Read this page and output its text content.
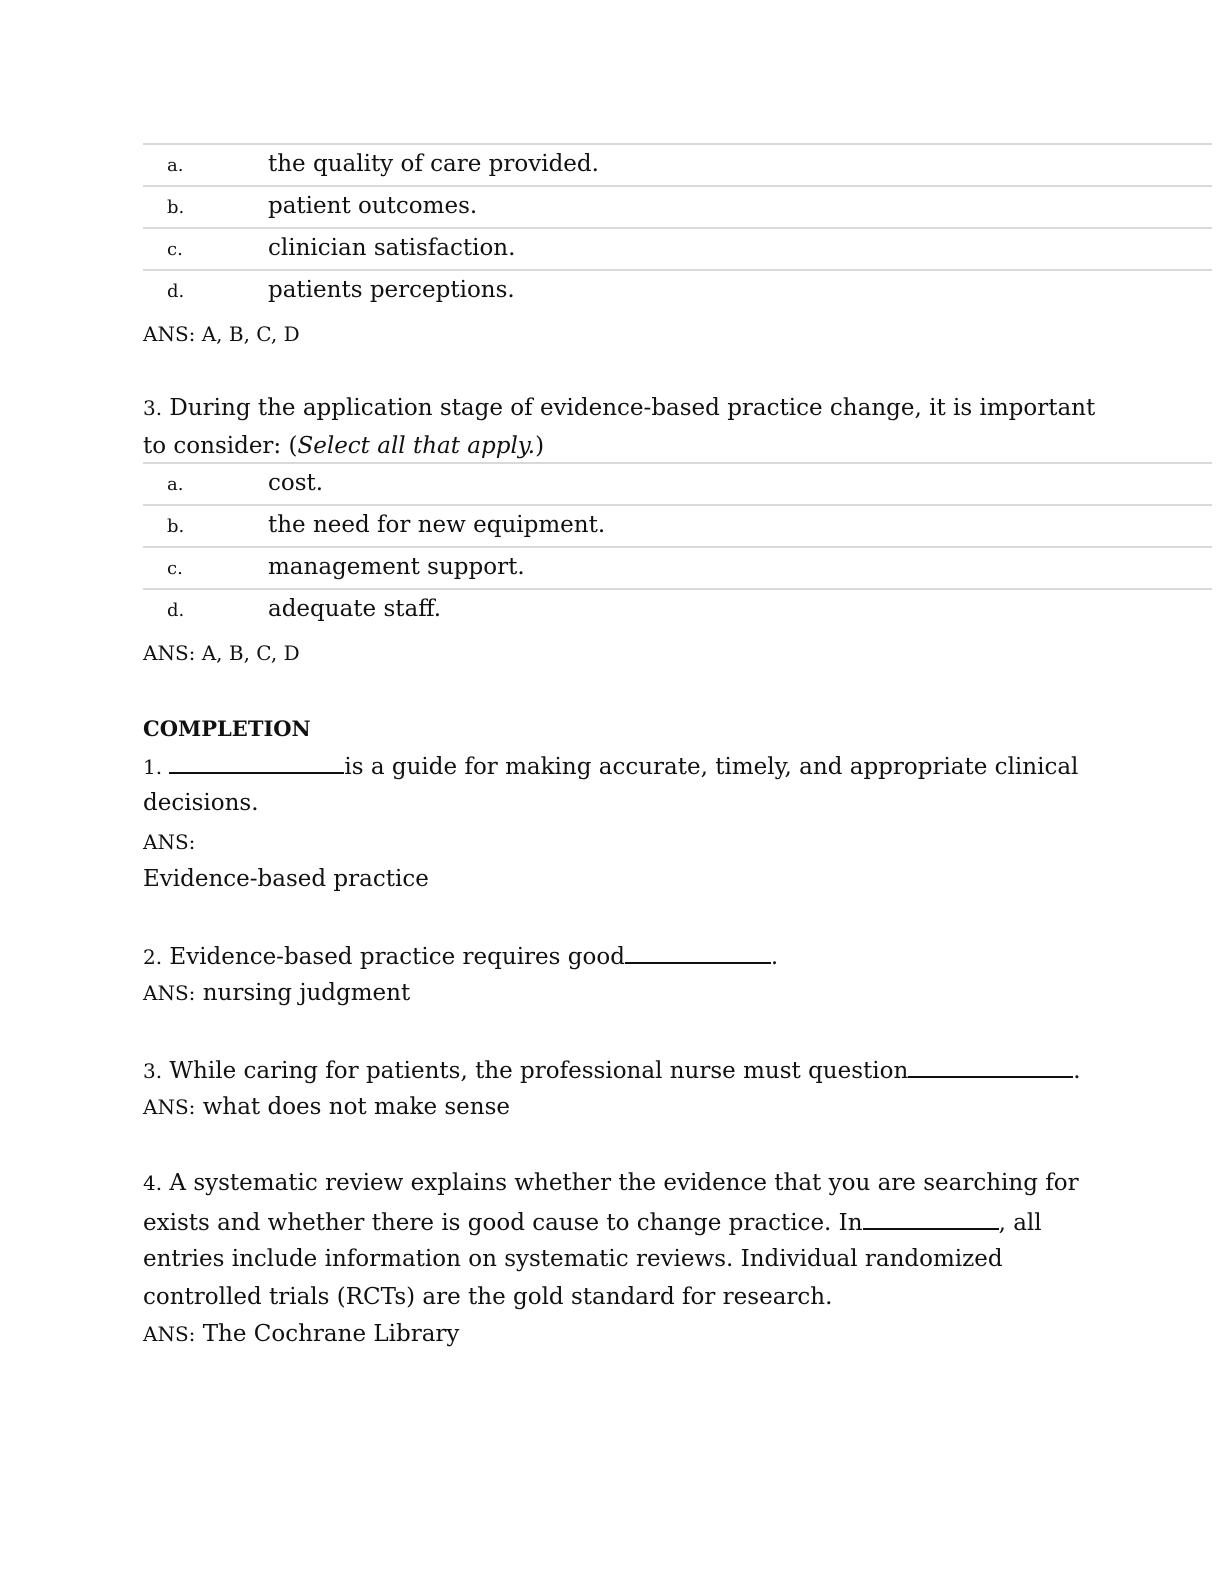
a.	the quality of care provided.
b.	patient outcomes.
c.	clinician satisfaction.
d.	patients perceptions.
ANS: A, B, C, D
3. During the application stage of evidence-based practice change, it is important
to consider: (Select all that apply.)
a.	cost.
b.	the need for new equipment.
c.	management support.
d.	adequate staff.
ANS: A, B, C, D
COMPLETION
1.	is a guide for making accurate, timely, and appropriate clinical
decisions.
ANS:
Evidence-based practice
2. Evidence-based practice requires good	.
ANS: nursing judgment
3. While caring for patients, the professional nurse must question	.
ANS: what does not make sense
4. A systematic review explains whether the evidence that you are searching for
exists and whether there is good cause to change practice. In	, all
entries include information on systematic reviews. Individual randomized
controlled trials (RCTs) are the gold standard for research.
ANS: The Cochrane Library
